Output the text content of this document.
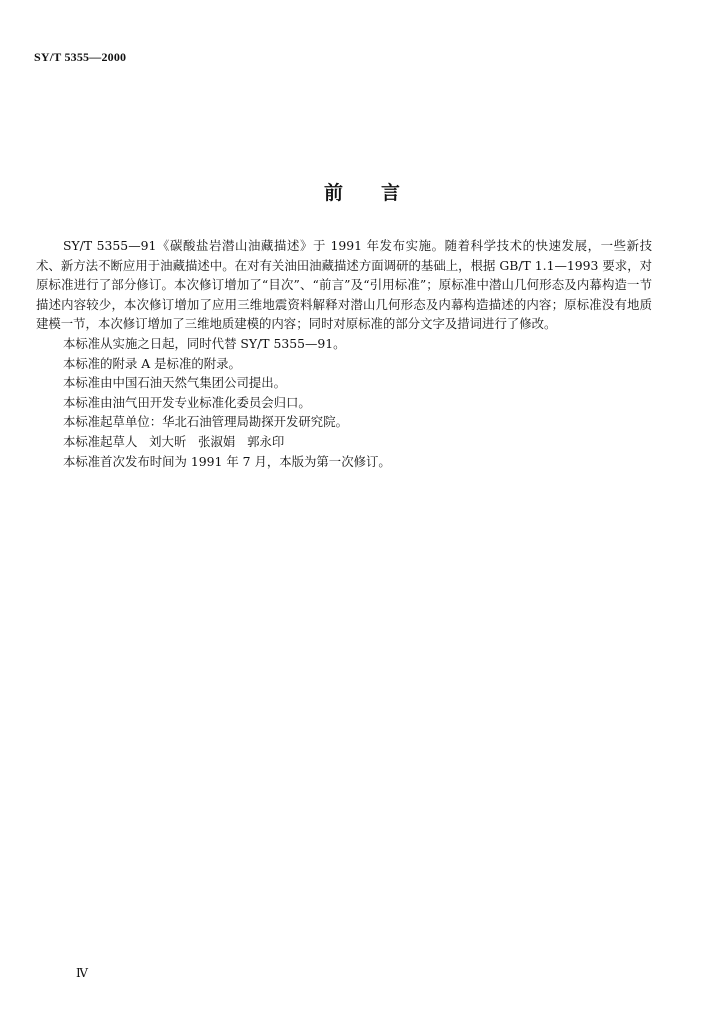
SY/T 5355—2000
前 言

SY/T 5355—91《碳酸盐岩潜山油藏描述》于 1991 年发布实施。随着科学技术的快速发展，一些新技术、新方法不断应用于油藏描述中。在对有关油田油藏描述方面调研的基础上，根据 GB/T 1.1—1993 要求，对原标准进行了部分修订。本次修订增加了“目次”、“前言”及“引用标准”；原标准中潜山几何形态及内幕构造一节描述内容较少，本次修订增加了应用三维地震资料解释对潜山几何形态及内幕构造描述的内容；原标准没有地质建模一节，本次修订增加了三维地质建模的内容；同时对原标准的部分文字及措词进行了修改。

本标准从实施之日起，同时代替 SY/T 5355—91。

本标准的附录 A 是标准的附录。

本标准由中国石油天然气集团公司提出。

本标准由油气田开发专业标准化委员会归口。

本标准起草单位：华北石油管理局勘探开发研究院。

本标准起草人   刘大昕   张淑娟   郭永印

本标准首次发布时间为 1991 年 7 月，本版为第一次修订。

Ⅳ
